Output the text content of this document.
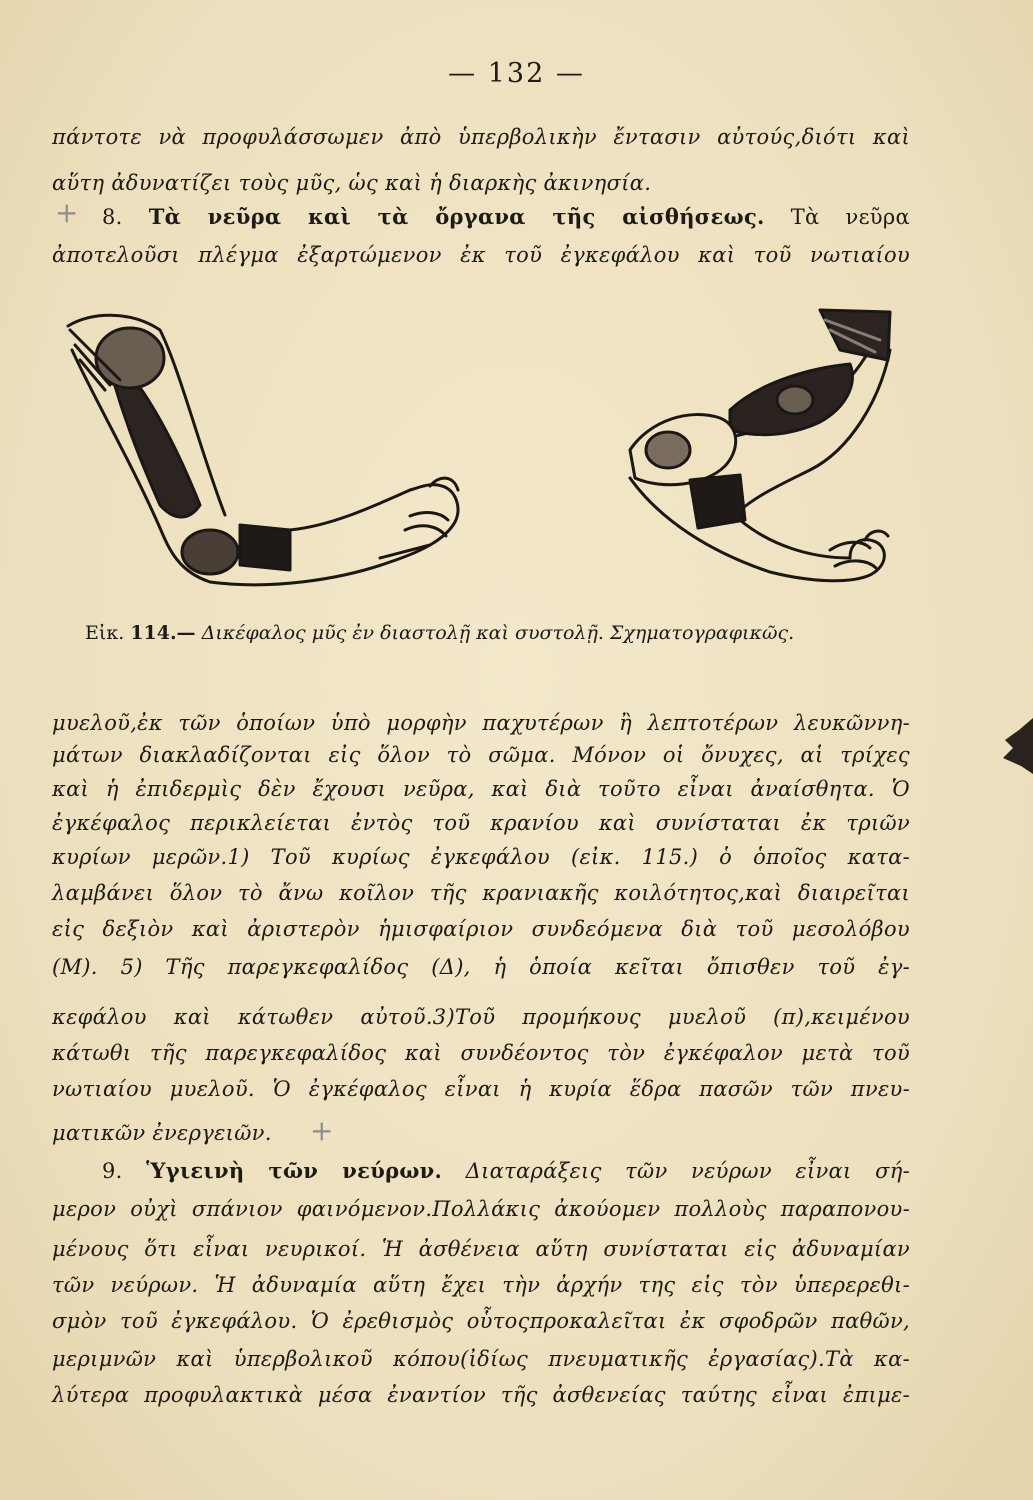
— 132 —
πάντοτε νὰ προφυλάσσωμεν ἀπὸ ὑπερβολικὴν ἔντασιν αὐτούς,διότι καὶ
αὕτη ἀδυνατίζει τοὺς μῦς, ὡς καὶ ἡ διαρκὴς ἀκινησία.
+ 8. Τὰ νεῦρα καὶ τὰ ὄργανα τῆς αἰσθήσεως. Τὰ νεῦρα
ἀποτελοῦσι πλέγμα ἐξαρτώμενον ἐκ τοῦ ἐγκεφάλου καὶ τοῦ νωτιαίου
Εἰκ. 114.— Δικέφαλος μῦς ἐν διαστολῇ καὶ συστολῇ. Σχηματογραφικῶς.
μυελοῦ,ἐκ τῶν ὁποίων ὑπὸ μορφὴν παχυτέρων ἢ λεπτοτέρων λευκῶννη-
μάτων διακλαδίζονται εἰς ὅλον τὸ σῶμα. Μόνον οἱ ὄνυχες, αἱ τρίχες
καὶ ἡ ἐπιδερμὶς δὲν ἔχουσι νεῦρα, καὶ διὰ τοῦτο εἶναι ἀναίσθητα. Ὁ
ἐγκέφαλος περικλείεται ἐντὸς τοῦ κρανίου καὶ συνίσταται ἐκ τριῶν
κυρίων μερῶν.1) Τοῦ κυρίως ἐγκεφάλου (εἰκ. 115.) ὁ ὁποῖος κατα-
λαμβάνει ὅλον τὸ ἄνω κοῖλον τῆς κρανιακῆς κοιλότητος,καὶ διαιρεῖται
εἰς δεξιὸν καὶ ἀριστερὸν ἡμισφαίριον συνδεόμενα διὰ τοῦ μεσολόβου
(Μ). 5) Τῆς παρεγκεφαλίδος (Δ), ἡ ὁποία κεῖται ὄπισθεν τοῦ ἐγ-
κεφάλου καὶ κάτωθεν αὐτοῦ.3)Τοῦ προμήκους μυελοῦ (π),κειμένου
κάτωθι τῆς παρεγκεφαλίδος καὶ συνδέοντος τὸν ἐγκέφαλον μετὰ τοῦ
νωτιαίου μυελοῦ. Ὁ ἐγκέφαλος εἶναι ἡ κυρία ἕδρα πασῶν τῶν πνευ-
ματικῶν ἐνεργειῶν.	+
9. Ὑγιεινὴ τῶν νεύρων. Διαταράξεις τῶν νεύρων εἶναι σή-
μερον οὐχὶ σπάνιον φαινόμενον.Πολλάκις ἀκούομεν πολλοὺς παραπονου-
μένους ὅτι εἶναι νευρικοί. Ἡ ἀσθένεια αὕτη συνίσταται εἰς ἀδυναμίαν
τῶν νεύρων. Ἡ ἀδυναμία αὕτη ἔχει τὴν ἀρχήν της εἰς τὸν ὑπερερεθι-
σμὸν τοῦ ἐγκεφάλου. Ὁ ἐρεθισμὸς οὗτοςπροκαλεῖται ἐκ σφοδρῶν παθῶν,
μεριμνῶν καὶ ὑπερβολικοῦ κόπου(ἰδίως πνευματικῆς ἐργασίας).Τὰ κα-
λύτερα προφυλακτικὰ μέσα ἐναντίον τῆς ἀσθενείας ταύτης εἶναι ἐπιμε-
